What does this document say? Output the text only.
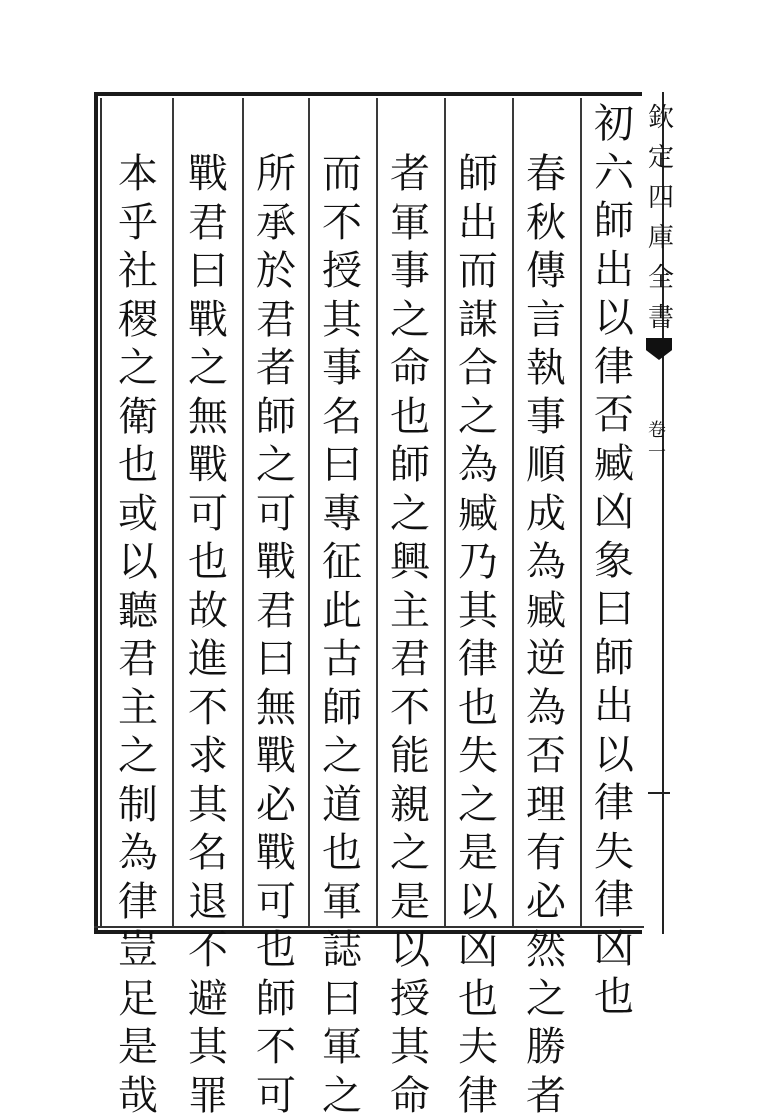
初
六
師
出
以
律
否
臧
凶
象
曰
師
出
以
律
失
律
凶
也
春
秋
傳
言
執
事
順
成
為
臧
逆
為
否
理
有
必
然
之
勝
者
師
出
而
謀
合
之
為
臧
乃
其
律
也
失
之
是
以
凶
也
夫
律
者
軍
事
之
命
也
師
之
興
主
君
不
能
親
之
是
以
授
其
命
而
不
授
其
事
名
曰
專
征
此
古
師
之
道
也
軍
誌
曰
軍
之
所
承
於
君
者
師
之
可
戰
君
曰
無
戰
必
戰
可
也
師
不
可
戰
君
曰
戰
之
無
戰
可
也
故
進
不
求
其
名
退
不
避
其
罪
本
乎
社
稷
之
衛
也
或
以
聽
君
主
之
制
為
律
豈
足
是
哉
欽
定
四
庫
全
書
卷
一
